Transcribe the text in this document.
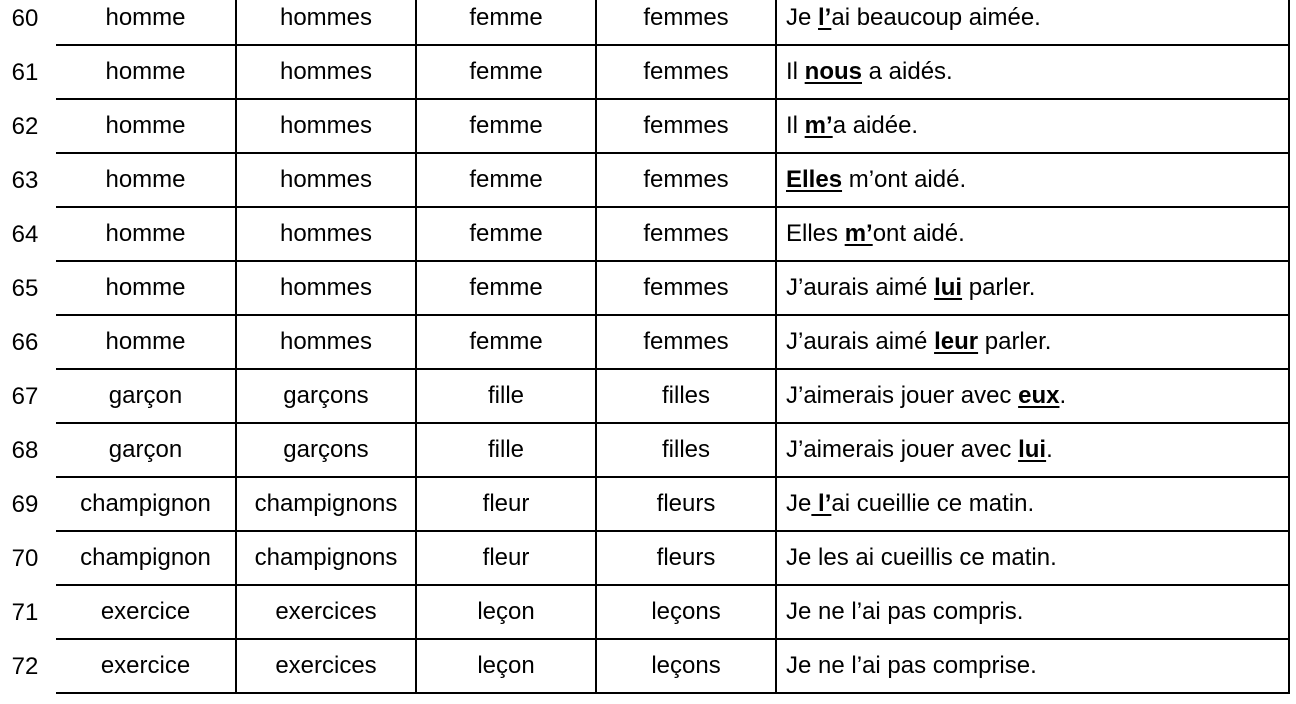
60	homme	hommes	femme	femmes	Je l’ ai beaucoup aimée.
61	homme	hommes	femme	femmes	Il nous a aidés.
62	homme	hommes	femme	femmes	Il m’ a aidée.
63	homme	hommes	femme	femmes	Elles m’ont aidé.
64	homme	hommes	femme	femmes	Elles m’ ont aidé.
65	homme	hommes	femme	femmes	J’aurais aimé lui parler.
66	homme	hommes	femme	femmes	J’aurais aimé leur parler.
67	garçon	garçons	fille	filles	J’aimerais jouer avec eux .
68	garçon	garçons	fille	filles	J’aimerais jouer avec lui .
69	champignon	champignons	fleur	fleurs	Je l’ ai cueillie ce matin.
70	champignon	champignons	fleur	fleurs	Je les ai cueillis ce matin.
71	exercice	exercices	leçon	leçons	Je ne l’ai pas compris.
72	exercice	exercices	leçon	leçons	Je ne l’ai pas comprise.
